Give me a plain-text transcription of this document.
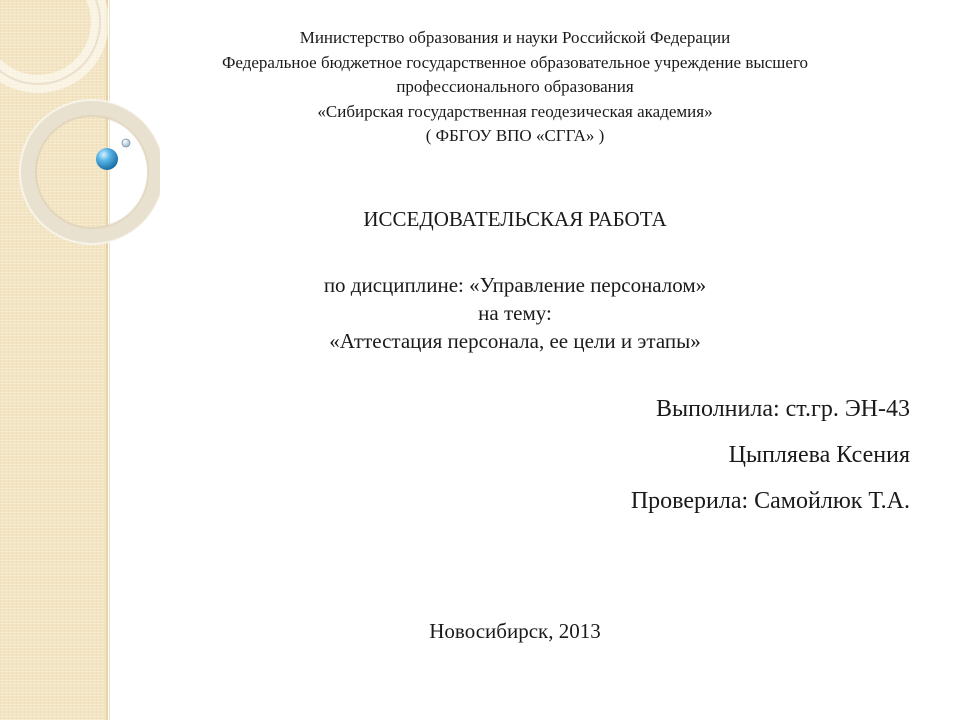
Министерство образования и науки Российской Федерации
Федеральное бюджетное государственное образовательное учреждение высшего
профессионального образования
«Сибирская государственная геодезическая академия»
( ФБГОУ ВПО «СГГА» )
ИССЕДОВАТЕЛЬСКАЯ РАБОТА
по дисциплине: «Управление персоналом»
на тему:
«Аттестация персонала, ее цели и этапы»
Выполнила: ст.гр. ЭН-43
Цыпляева Ксения
Проверила: Самойлюк Т.А.
Новосибирск, 2013
